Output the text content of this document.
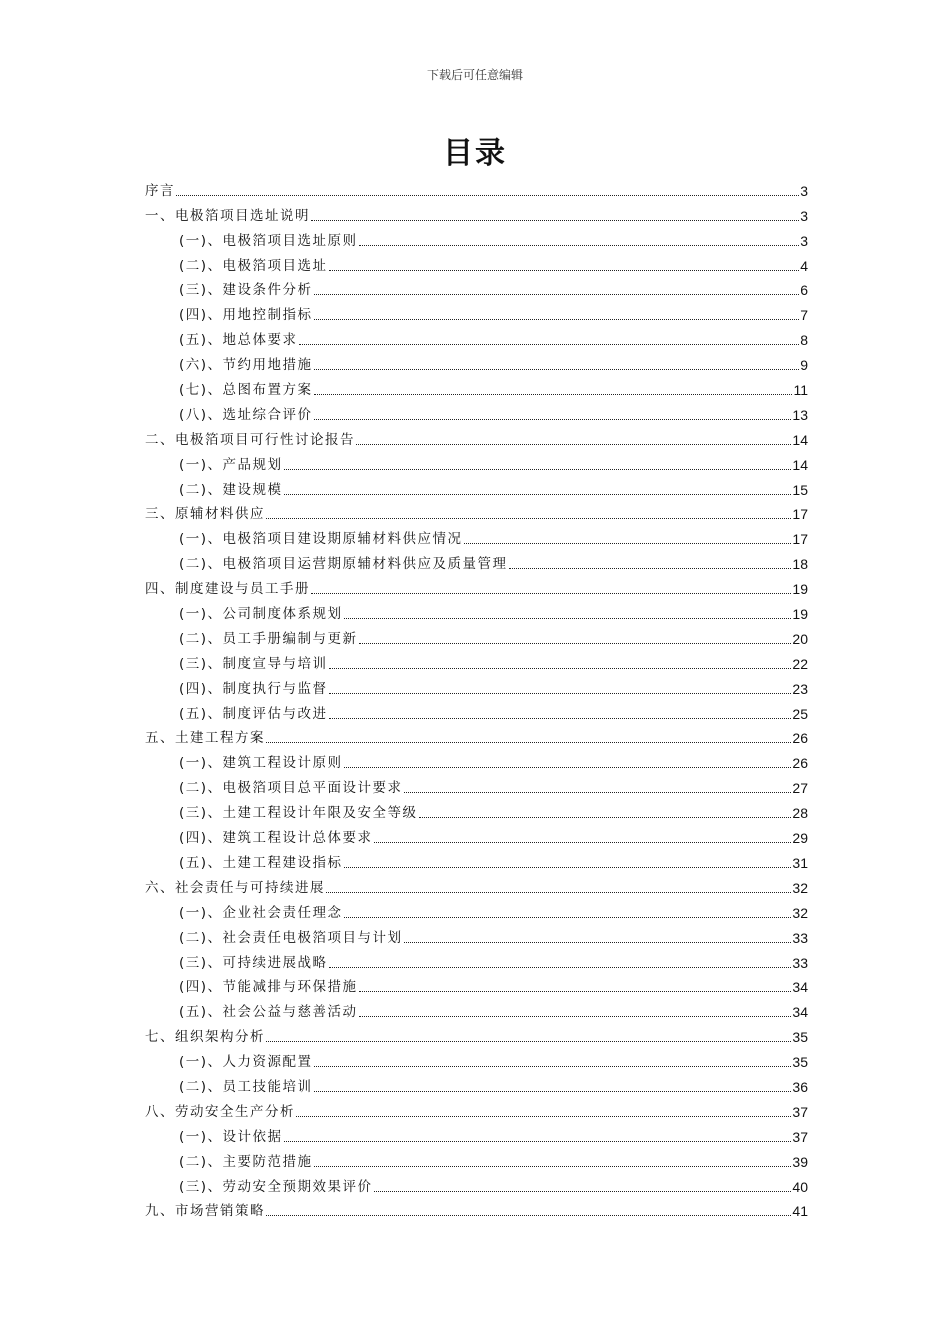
下载后可任意编辑
目录
序言	3
一、电极箔项目选址说明	3
(一)、电极箔项目选址原则	3
(二)、电极箔项目选址	4
(三)、建设条件分析	6
(四)、用地控制指标	7
(五)、地总体要求	8
(六)、节约用地措施	9
(七)、总图布置方案	11
(八)、选址综合评价	13
二、电极箔项目可行性讨论报告	14
(一)、产品规划	14
(二)、建设规模	15
三、原辅材料供应	17
(一)、电极箔项目建设期原辅材料供应情况	17
(二)、电极箔项目运营期原辅材料供应及质量管理	18
四、制度建设与员工手册	19
(一)、公司制度体系规划	19
(二)、员工手册编制与更新	20
(三)、制度宣导与培训	22
(四)、制度执行与监督	23
(五)、制度评估与改进	25
五、土建工程方案	26
(一)、建筑工程设计原则	26
(二)、电极箔项目总平面设计要求	27
(三)、土建工程设计年限及安全等级	28
(四)、建筑工程设计总体要求	29
(五)、土建工程建设指标	31
六、社会责任与可持续进展	32
(一)、企业社会责任理念	32
(二)、社会责任电极箔项目与计划	33
(三)、可持续进展战略	33
(四)、节能减排与环保措施	34
(五)、社会公益与慈善活动	34
七、组织架构分析	35
(一)、人力资源配置	35
(二)、员工技能培训	36
八、劳动安全生产分析	37
(一)、设计依据	37
(二)、主要防范措施	39
(三)、劳动安全预期效果评价	40
九、市场营销策略	41
